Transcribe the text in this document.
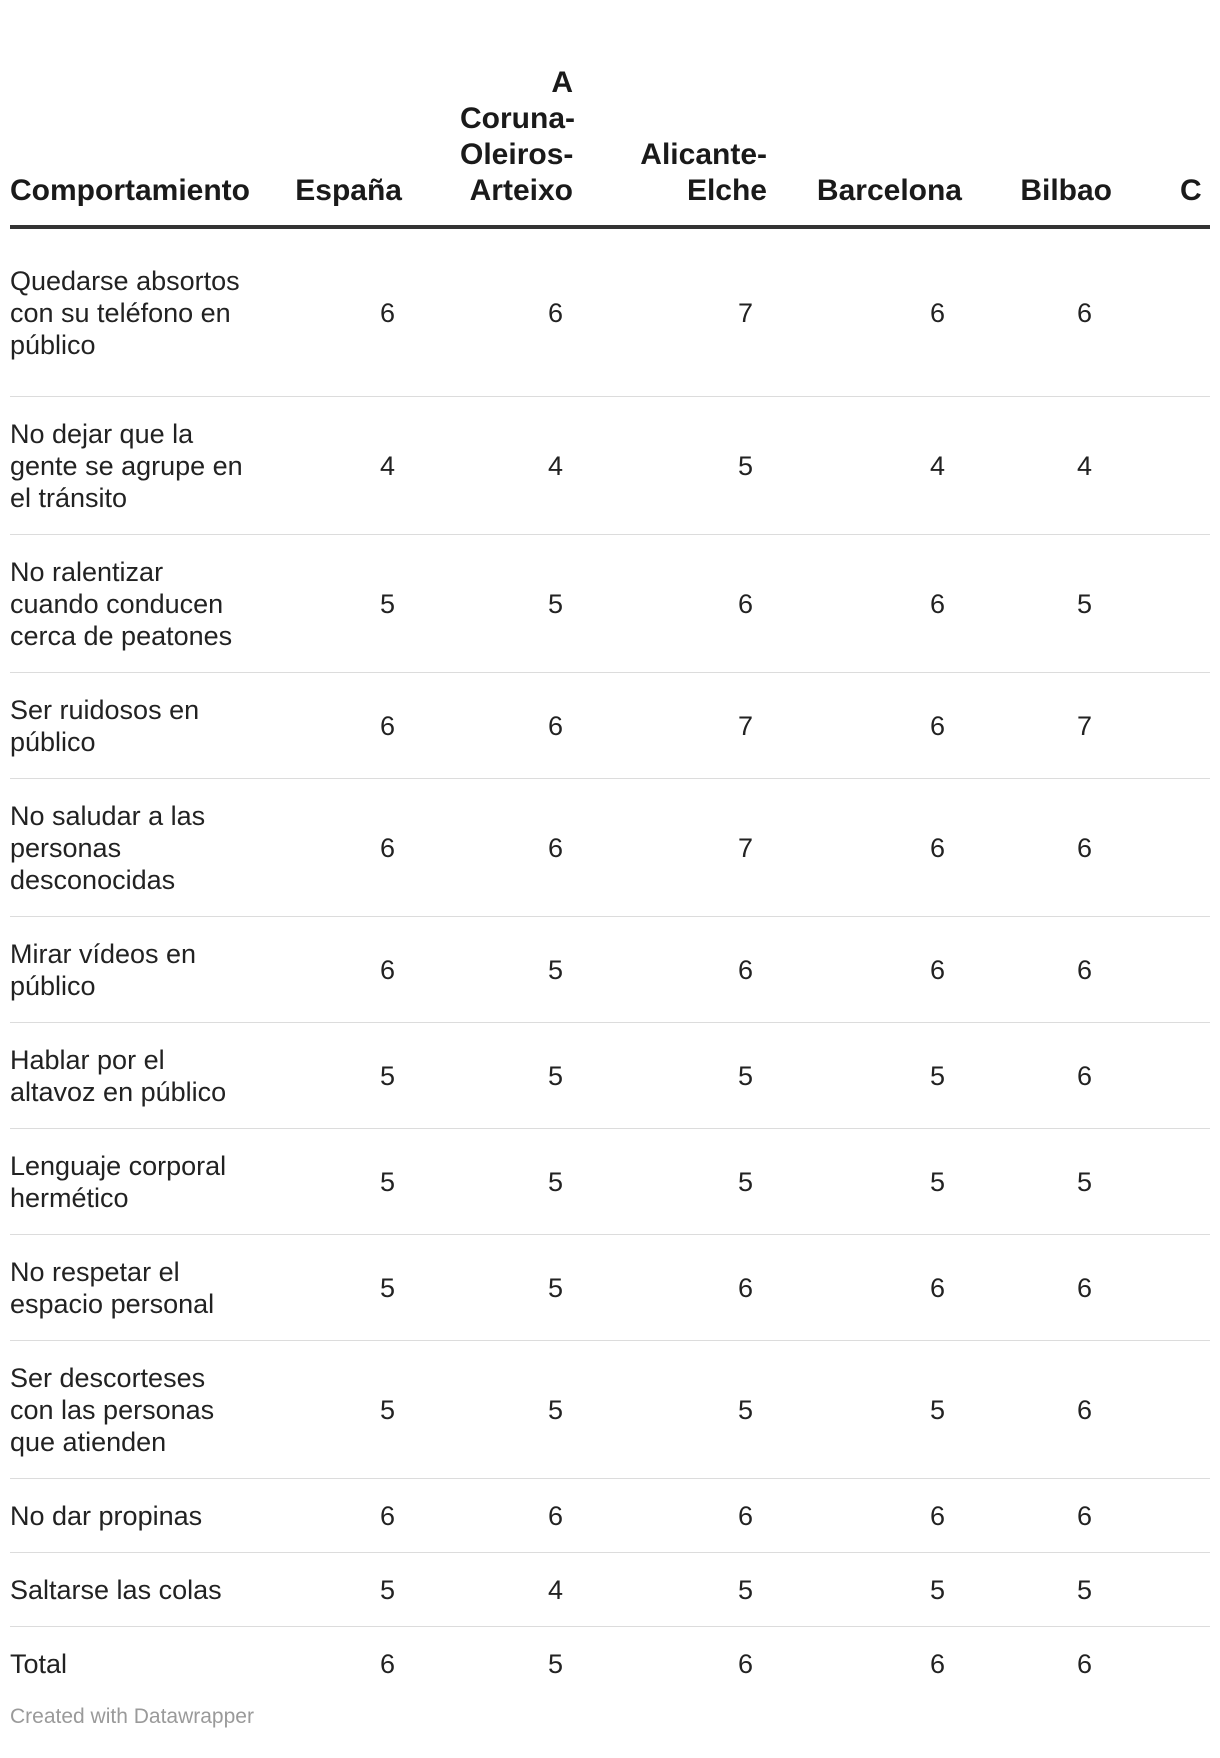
Comportamiento	España	A
Coruna-
Oleiros-
Arteixo	Alicante-
Elche	Barcelona	Bilbao	C

Quedarse absortos con su teléfono en público	6	6	7	6	6	
No dejar que la gente se agrupe en el tránsito	4	4	5	4	4	
No ralentizar cuando conducen cerca de peatones	5	5	6	6	5	
Ser ruidosos en público	6	6	7	6	7	
No saludar a las personas desconocidas	6	6	7	6	6	
Mirar vídeos en público	6	5	6	6	6	
Hablar por el altavoz en público	5	5	5	5	6	
Lenguaje corporal hermético	5	5	5	5	5	
No respetar el espacio personal	5	5	6	6	6	
Ser descorteses con las personas que atienden	5	5	5	5	6	
No dar propinas	6	6	6	6	6	
Saltarse las colas	5	4	5	5	5	
Total	6	5	6	6	6	
Created with Datawrapper
